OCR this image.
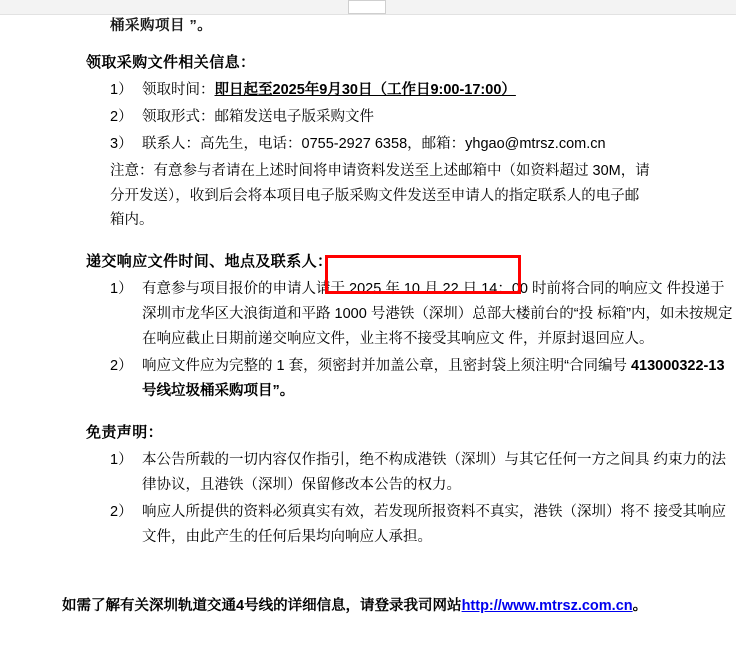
桶采购项目 ”。
领取采购文件相关信息：
1） 领取时间：即日起至2025年9月30日（工作日9:00-17:00）
2） 领取形式：邮箱发送电子版采购文件
3） 联系人：高先生，电话：0755-2927 6358，邮箱：yhgao@mtrsz.com.cn
注意：有意参与者请在上述时间将申请资料发送至上述邮箱中（如资料超过 30M，请
分开发送），收到后会将本项目电子版采购文件发送至申请人的指定联系人的电子邮
箱内。
递交响应文件时间、地点及联系人：
1） 有意参与项目报价的申请人请于 2025 年 10 月 22 日 14：00 时前将合同的响应文 件投递于深圳市龙华区大浪街道和平路 1000 号港铁（深圳）总部大楼前台的“投 标箱”内，如未按规定在响应截止日期前递交响应文件，业主将不接受其响应文 件，并原封退回应人。
2） 响应文件应为完整的 1 套，须密封并加盖公章，且密封袋上须注明“合同编号 413000322-13 号线垃圾桶采购项目”。
免责声明：
1） 本公告所载的一切内容仅作指引，绝不构成港铁（深圳）与其它任何一方之间具 约束力的法律协议，且港铁（深圳）保留修改本公告的权力。
2） 响应人所提供的资料必须真实有效，若发现所报资料不真实，港铁（深圳）将不 接受其响应文件，由此产生的任何后果均向响应人承担。
如需了解有关深圳轨道交通4号线的详细信息，请登录我司网站http://www.mtrsz.com.cn。
